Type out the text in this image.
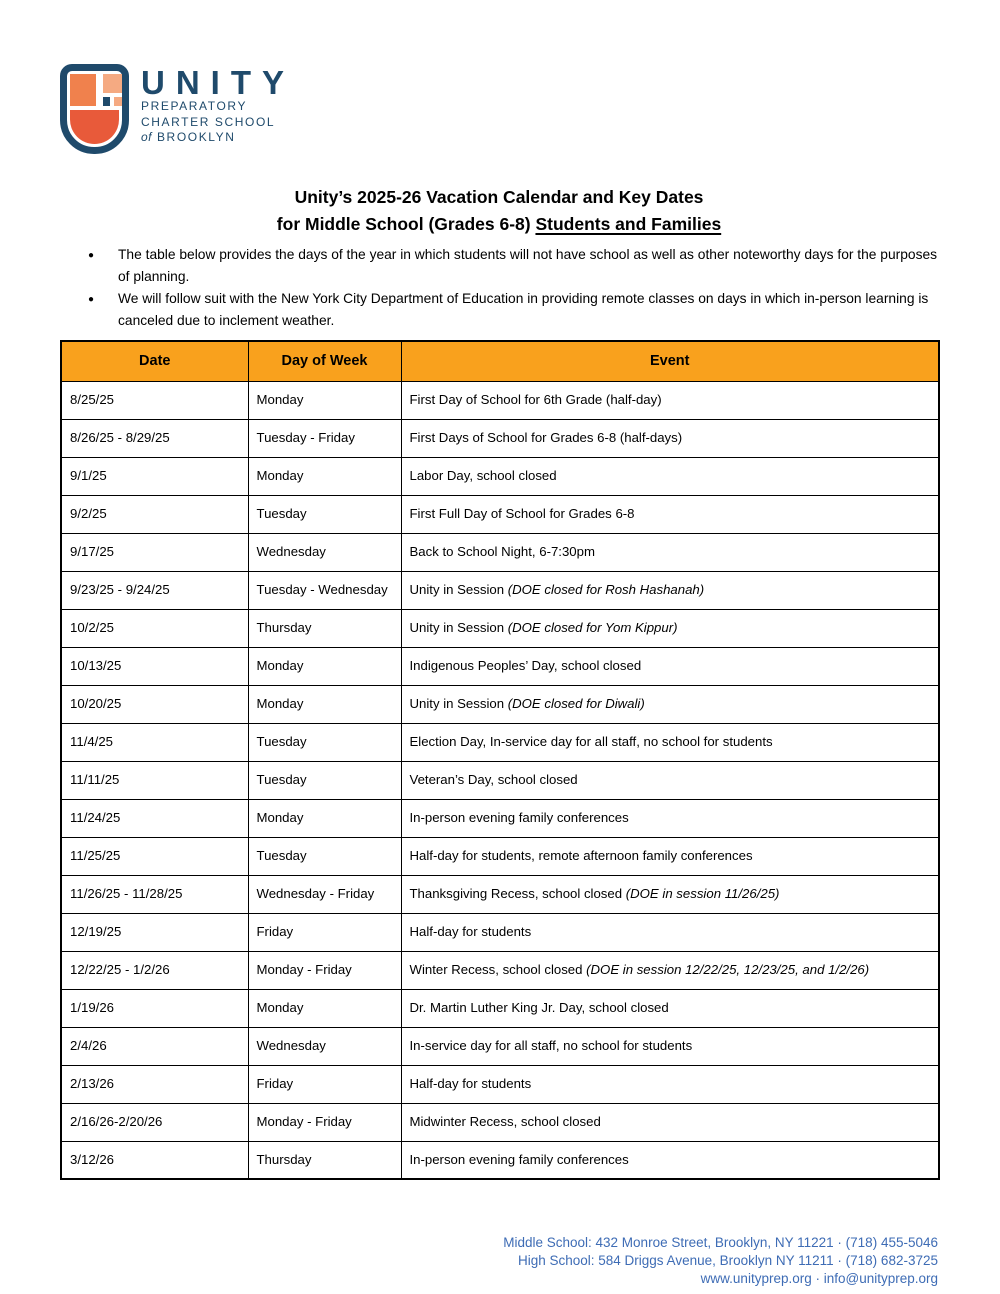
UNITY
PREPARATORY
CHARTER SCHOOL
of BROOKLYN
Unity’s 2025-26 Vacation Calendar and Key Dates
for Middle School (Grades 6-8) Students and Families
●	The table below provides the days of the year in which students will not have school as well as other noteworthy days for the purposes of planning.
●	We will follow suit with the New York City Department of Education in providing remote classes on days in which in-person learning is canceled due to inclement weather.
Date	Day of Week	Event
8/25/25	Monday	First Day of School for 6th Grade (half-day)
8/26/25 - 8/29/25	Tuesday - Friday	First Days of School for Grades 6-8 (half-days)
9/1/25	Monday	Labor Day, school closed
9/2/25	Tuesday	First Full Day of School for Grades 6-8
9/17/25	Wednesday	Back to School Night, 6-7:30pm
9/23/25 - 9/24/25	Tuesday - Wednesday	Unity in Session (DOE closed for Rosh Hashanah)
10/2/25	Thursday	Unity in Session (DOE closed for Yom Kippur)
10/13/25	Monday	Indigenous Peoples’ Day, school closed
10/20/25	Monday	Unity in Session (DOE closed for Diwali)
11/4/25	Tuesday	Election Day, In-service day for all staff, no school for students
11/11/25	Tuesday	Veteran’s Day, school closed
11/24/25	Monday	In-person evening family conferences
11/25/25	Tuesday	Half-day for students, remote afternoon family conferences
11/26/25 - 11/28/25	Wednesday - Friday	Thanksgiving Recess, school closed (DOE in session 11/26/25)
12/19/25	Friday	Half-day for students
12/22/25 - 1/2/26	Monday - Friday	Winter Recess, school closed (DOE in session 12/22/25, 12/23/25, and 1/2/26)
1/19/26	Monday	Dr. Martin Luther King Jr. Day, school closed
2/4/26	Wednesday	In-service day for all staff, no school for students
2/13/26	Friday	Half-day for students
2/16/26-2/20/26	Monday - Friday	Midwinter Recess, school closed
3/12/26	Thursday	In-person evening family conferences
Middle School: 432 Monroe Street, Brooklyn, NY 11221 · (718) 455-5046
High School: 584 Driggs Avenue, Brooklyn NY 11211 · (718) 682-3725
www.unityprep.org · info@unityprep.org
